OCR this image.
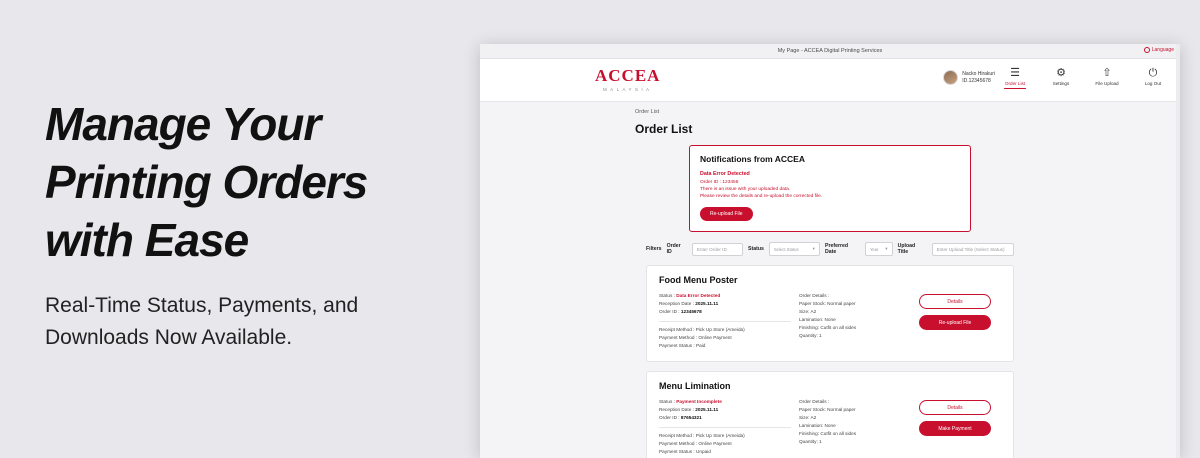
Manage Your Printing Orders with Ease
Real-Time Status, Payments, and Downloads Now Available.
My Page - ACCEA Digital Printing Services	Language
ACCEA
MALAYSIA
Nacko Hirakuri
ID.12345678
☰
Order List
⚙
Settings
⇧
File Upload
⏻
Log Out
Order List
Order List
Notifications from ACCEA
Data Error Detected
Order ID : 123456
There is an issue with your uploaded data.
Please review the details and re-upload the corrected file.
Re-upload File
Filters Order ID	Enter Order ID	Status Select Status	▾ Preferred Date	Year ▾ Upload Title	Enter Upload Title (Select Status)
Food Menu Poster
Status : Data Error Detected
Reception Date : 2025.11.11
Order ID : 12345678
Receipt Method : Pick Up Store (Ameida)
Payment Method : Online Payment
Payment Status : Paid
Order Details :
Paper Stock: Normal paper
Size: A2
Lamination: None
Finishing: Cutfit on all sides
Quantity: 1
Details
Re-upload File
Menu Limination
Status : Payment Incomplete
Reception Date : 2025.11.11
Order ID : 87654321
Receipt Method : Pick Up Store (Ameida)
Payment Method : Online Payment
Payment Status : Unpaid
Order Details :
Paper Stock: Normal paper
Size: A2
Lamination: None
Finishing: Cutfit on all sides
Quantity: 1
Details
Make Payment
